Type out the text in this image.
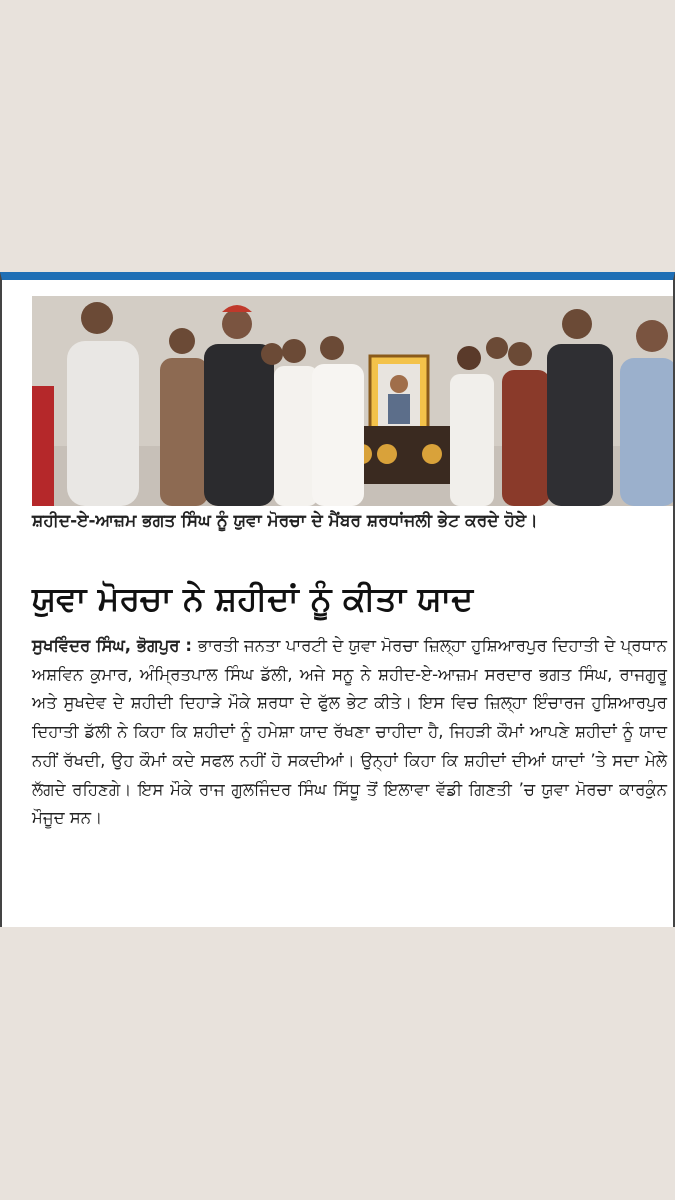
ਸ਼ਹੀਦ-ਏ-ਆਜ਼ਮ ਭਗਤ ਸਿੰਘ ਨੂੰ ਯੁਵਾ ਮੋਰਚਾ ਦੇ ਮੈਂਬਰ ਸ਼ਰਧਾਂਜਲੀ ਭੇਟ ਕਰਦੇ ਹੋਏ।
ਯੁਵਾ ਮੋਰਚਾ ਨੇ ਸ਼ਹੀਦਾਂ ਨੂੰ ਕੀਤਾ ਯਾਦ
ਸੁਖਵਿੰਦਰ ਸਿੰਘ, ਭੋਗਪੁਰ : ਭਾਰਤੀ ਜਨਤਾ ਪਾਰਟੀ ਦੇ ਯੁਵਾ ਮੋਰਚਾ ਜ਼ਿਲ੍ਹਾ ਹੁਸ਼ਿਆਰਪੁਰ ਦਿਹਾਤੀ ਦੇ ਪ੍ਰਧਾਨ ਅਸ਼ਵਿਨ ਕੁਮਾਰ, ਅੰਮ੍ਰਿਤਪਾਲ ਸਿੰਘ ਡੱਲੀ, ਅਜੇ ਸਨੂ ਨੇ ਸ਼ਹੀਦ-ਏ-ਆਜ਼ਮ ਸਰਦਾਰ ਭਗਤ ਸਿੰਘ, ਰਾਜਗੁਰੂ ਅਤੇ ਸੁਖਦੇਵ ਦੇ ਸ਼ਹੀਦੀ ਦਿਹਾੜੇ ਮੌਕੇ ਸ਼ਰਧਾ ਦੇ ਫੁੱਲ ਭੇਟ ਕੀਤੇ। ਇਸ ਵਿਚ ਜ਼ਿਲ੍ਹਾ ਇੰਚਾਰਜ ਹੁਸ਼ਿਆਰਪੁਰ ਦਿਹਾਤੀ ਡੱਲੀ ਨੇ ਕਿਹਾ ਕਿ ਸ਼ਹੀਦਾਂ ਨੂੰ ਹਮੇਸ਼ਾ ਯਾਦ ਰੱਖਣਾ ਚਾਹੀਦਾ ਹੈ, ਜਿਹੜੀ ਕੌਮਾਂ ਆਪਣੇ ਸ਼ਹੀਦਾਂ ਨੂੰ ਯਾਦ ਨਹੀਂ ਰੱਖਦੀ, ਉਹ ਕੌਮਾਂ ਕਦੇ ਸਫਲ ਨਹੀਂ ਹੋ ਸਕਦੀਆਂ। ਉਨ੍ਹਾਂ ਕਿਹਾ ਕਿ ਸ਼ਹੀਦਾਂ ਦੀਆਂ ਯਾਦਾਂ ’ਤੇ ਸਦਾ ਮੇਲੇ ਲੱਗਦੇ ਰਹਿਣਗੇ। ਇਸ ਮੌਕੇ ਰਾਜ ਗੁਲਜਿੰਦਰ ਸਿੰਘ ਸਿੱਧੂ ਤੋਂ ਇਲਾਵਾ ਵੱਡੀ ਗਿਣਤੀ ’ਚ ਯੁਵਾ ਮੋਰਚਾ ਕਾਰਕੁੰਨ ਮੌਜੂਦ ਸਨ।
